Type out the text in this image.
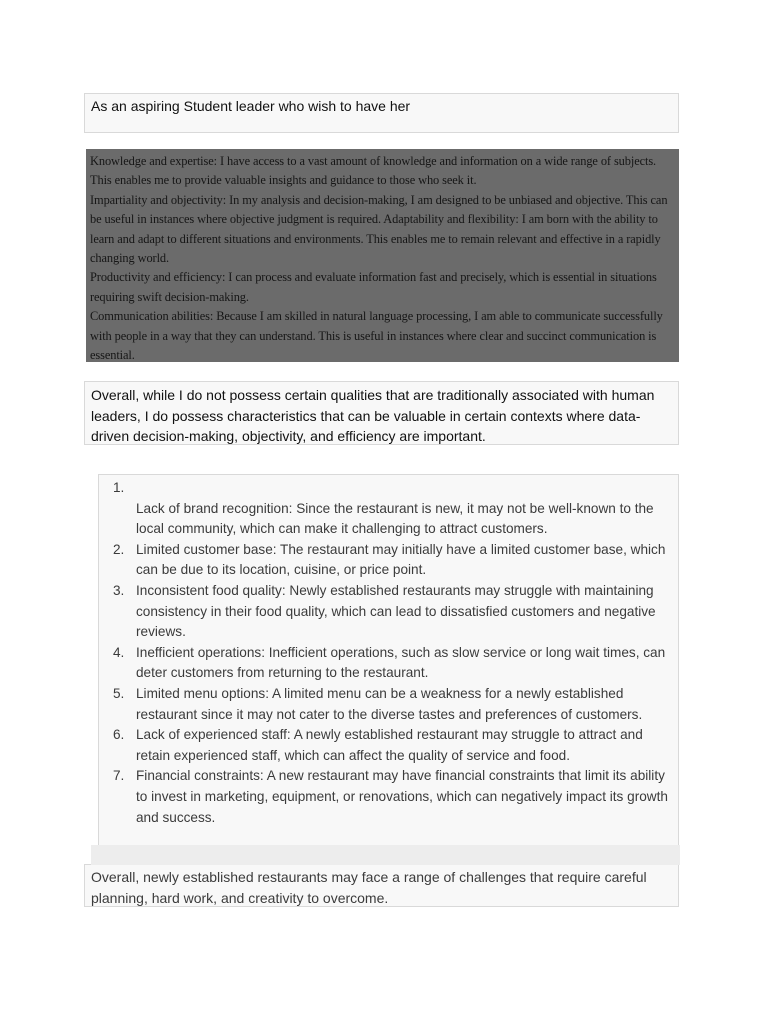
As an aspiring Student leader who wish to have her

Knowledge and expertise: I have access to a vast amount of knowledge and information on a wide range of subjects. This enables me to provide valuable insights and guidance to those who seek it.

Impartiality and objectivity: In my analysis and decision-making, I am designed to be unbiased and objective. This can be useful in instances where objective judgment is required. Adaptability and flexibility: I am born with the ability to learn and adapt to different situations and environments. This enables me to remain relevant and effective in a rapidly changing world.

Productivity and efficiency: I can process and evaluate information fast and precisely, which is essential in situations requiring swift decision-making.

Communication abilities: Because I am skilled in natural language processing, I am able to communicate successfully with people in a way that they can understand. This is useful in instances where clear and succinct communication is essential.

Overall, while I do not possess certain qualities that are traditionally associated with human leaders, I do possess characteristics that can be valuable in certain contexts where data-driven decision-making, objectivity, and efficiency are important.
1.
Lack of brand recognition: Since the restaurant is new, it may not be well-known to the local community, which can make it challenging to attract customers.
2. Limited customer base: The restaurant may initially have a limited customer base, which can be due to its location, cuisine, or price point.
3. Inconsistent food quality: Newly established restaurants may struggle with maintaining consistency in their food quality, which can lead to dissatisfied customers and negative reviews.
4. Inefficient operations: Inefficient operations, such as slow service or long wait times, can deter customers from returning to the restaurant.
5. Limited menu options: A limited menu can be a weakness for a newly established restaurant since it may not cater to the diverse tastes and preferences of customers.
6. Lack of experienced staff: A newly established restaurant may struggle to attract and retain experienced staff, which can affect the quality of service and food.
7. Financial constraints: A new restaurant may have financial constraints that limit its ability to invest in marketing, equipment, or renovations, which can negatively impact its growth and success.
Overall, newly established restaurants may face a range of challenges that require careful planning, hard work, and creativity to overcome.
